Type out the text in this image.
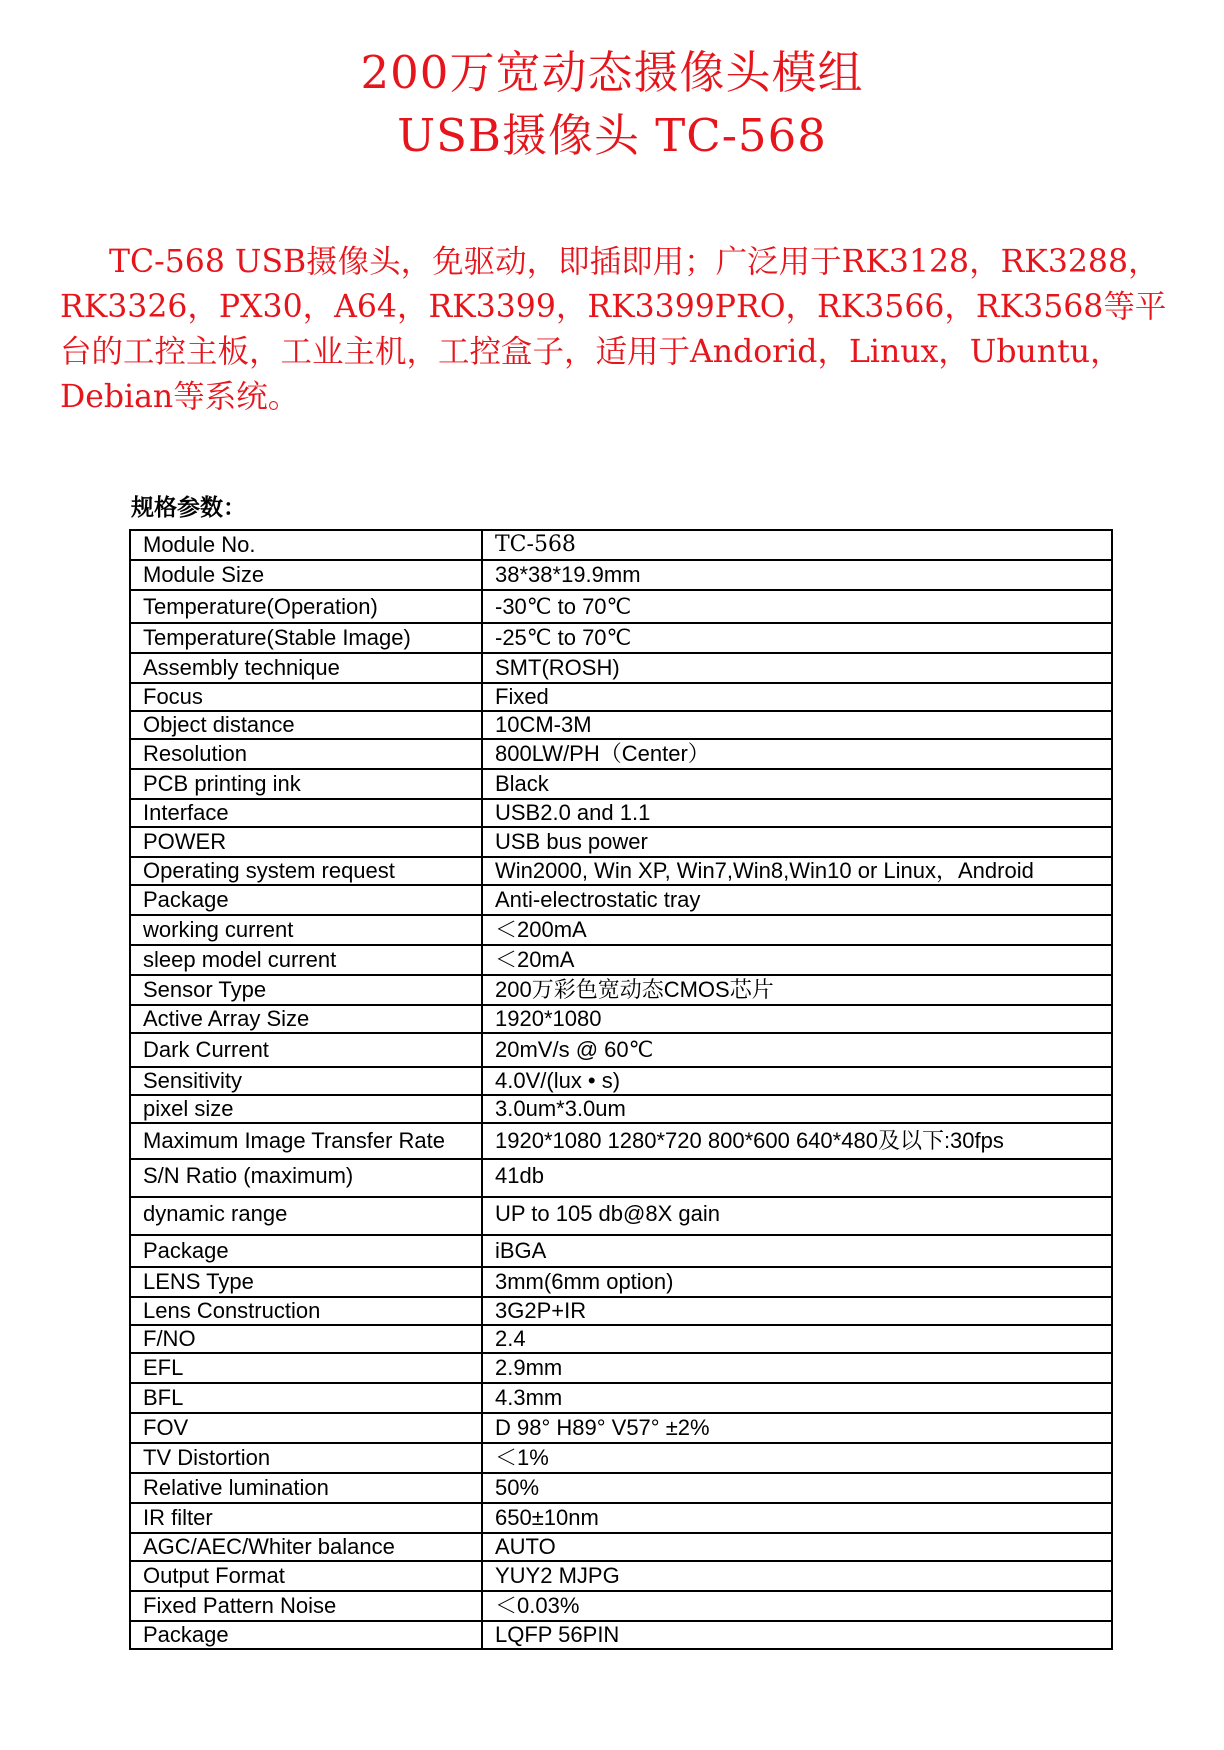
200万宽动态摄像头模组
USB摄像头 TC-568
TC-568 USB摄像头，免驱动，即插即用；广泛用于RK3128，RK3288，RK3326，PX30，A64，RK3399，RK3399PRO，RK3566，RK3568等平台的工控主板，工业主机，工控盒子，适用于Andorid，Linux，Ubuntu，Debian等系统。
规格参数：
Module No.	TC-568
Module Size	38*38*19.9mm
Temperature(Operation)	-30℃ to 70℃
Temperature(Stable Image)	-25℃ to 70℃
Assembly technique	SMT(ROSH)
Focus	Fixed
Object distance	10CM-3M
Resolution	800LW/PH（Center）
PCB printing ink	Black
Interface	USB2.0 and 1.1
POWER	USB bus power
Operating system request	Win2000, Win XP, Win7,Win8,Win10 or Linux，Android
Package	Anti-electrostatic tray
working current	＜200mA
sleep model current	＜20mA
Sensor Type	200万彩色宽动态CMOS芯片
Active Array Size	1920*1080
Dark Current	20mV/s @ 60℃
Sensitivity	4.0V/(lux • s)
pixel size	3.0um*3.0um
Maximum Image Transfer Rate	1920*1080 1280*720 800*600 640*480及以下:30fps
S/N Ratio (maximum)	41db
dynamic range	UP to 105 db@8X gain
Package	iBGA
LENS Type	3mm(6mm option)
Lens Construction	3G2P+IR
F/NO	2.4
EFL	2.9mm
BFL	4.3mm
FOV	D 98° H89° V57° ±2%
TV Distortion	＜1%
Relative lumination	50%
IR filter	650±10nm
AGC/AEC/Whiter balance	AUTO
Output Format	YUY2 MJPG
Fixed Pattern Noise	＜0.03%
Package	LQFP 56PIN
